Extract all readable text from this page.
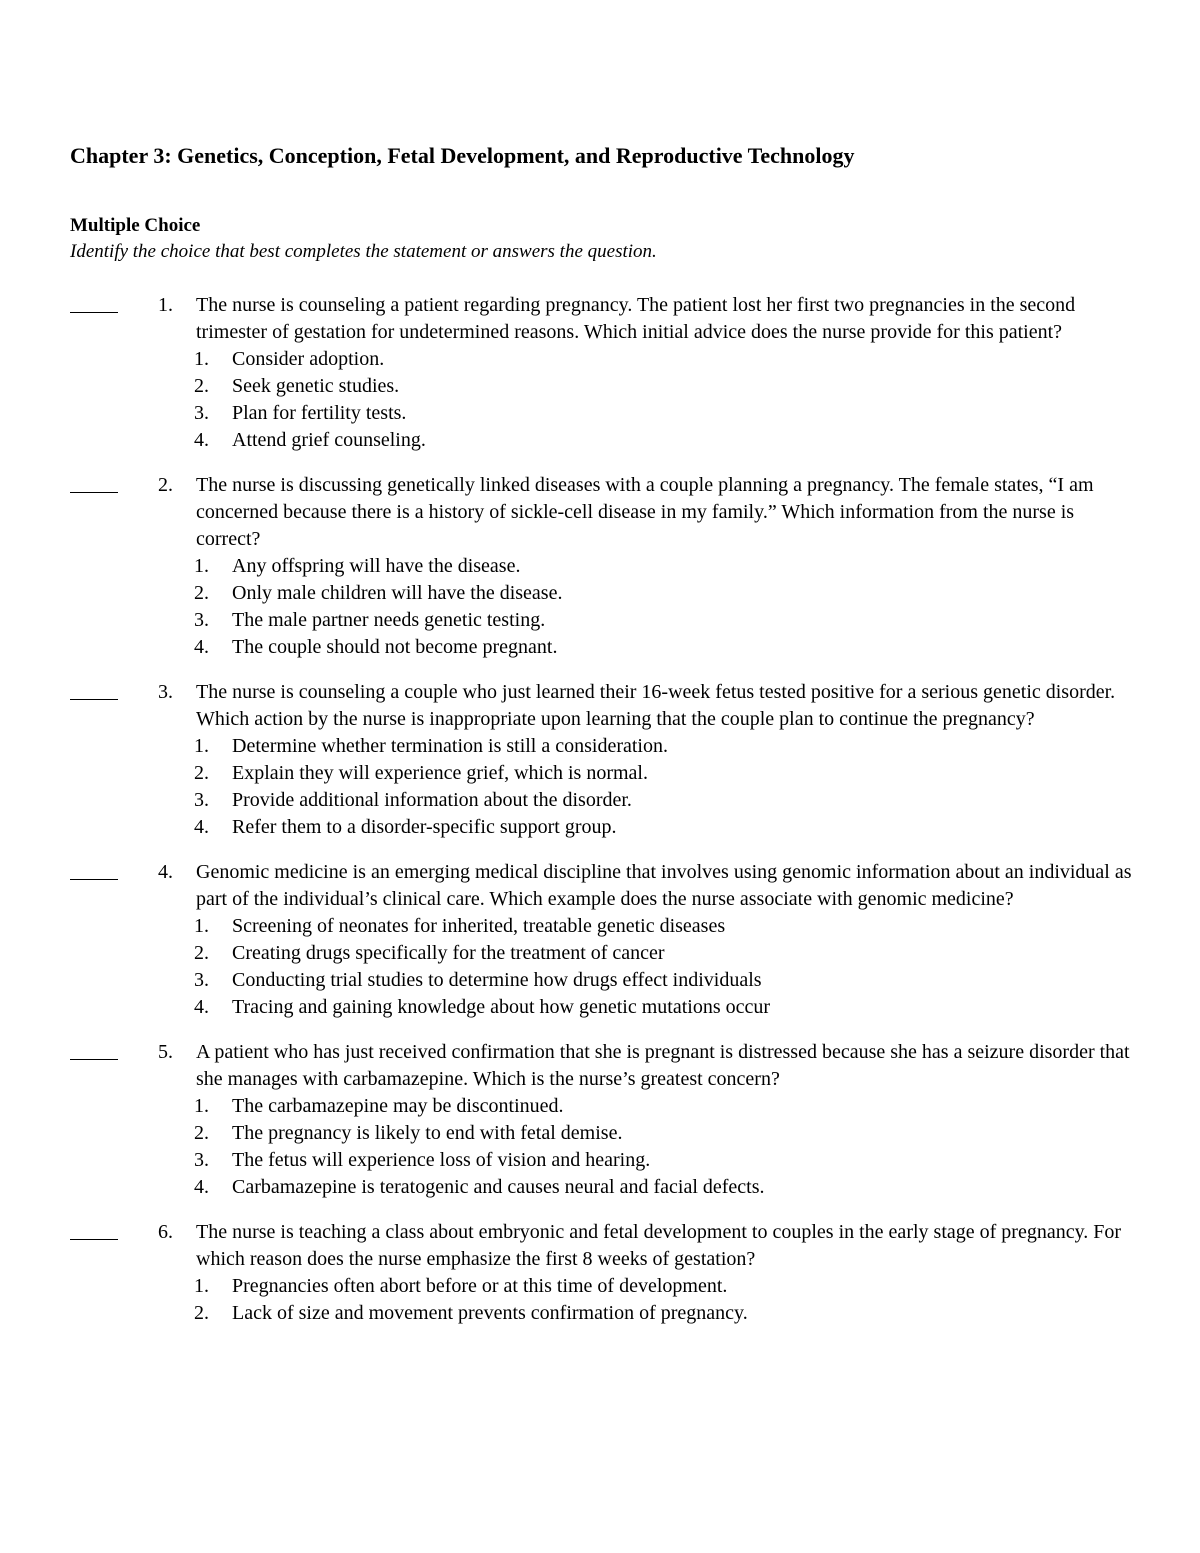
Chapter 3: Genetics, Conception, Fetal Development, and Reproductive Technology
Multiple Choice

Identify the choice that best completes the statement or answers the question.

1. The nurse is counseling a patient regarding pregnancy. The patient lost her first two pregnancies in the second trimester of gestation for undetermined reasons. Which initial advice does the nurse provide for this patient?
1. Consider adoption.
2. Seek genetic studies.
3. Plan for fertility tests.
4. Attend grief counseling.
2. The nurse is discussing genetically linked diseases with a couple planning a pregnancy. The female states, “I am concerned because there is a history of sickle-cell disease in my family.” Which information from the nurse is correct?
1. Any offspring will have the disease.
2. Only male children will have the disease.
3. The male partner needs genetic testing.
4. The couple should not become pregnant.
3. The nurse is counseling a couple who just learned their 16-week fetus tested positive for a serious genetic disorder. Which action by the nurse is inappropriate upon learning that the couple plan to continue the pregnancy?
1. Determine whether termination is still a consideration.
2. Explain they will experience grief, which is normal.
3. Provide additional information about the disorder.
4. Refer them to a disorder-specific support group.
4. Genomic medicine is an emerging medical discipline that involves using genomic information about an individual as part of the individual’s clinical care. Which example does the nurse associate with genomic medicine?
1. Screening of neonates for inherited, treatable genetic diseases
2. Creating drugs specifically for the treatment of cancer
3. Conducting trial studies to determine how drugs effect individuals
4. Tracing and gaining knowledge about how genetic mutations occur
5. A patient who has just received confirmation that she is pregnant is distressed because she has a seizure disorder that she manages with carbamazepine. Which is the nurse’s greatest concern?
1. The carbamazepine may be discontinued.
2. The pregnancy is likely to end with fetal demise.
3. The fetus will experience loss of vision and hearing.
4. Carbamazepine is teratogenic and causes neural and facial defects.
6. The nurse is teaching a class about embryonic and fetal development to couples in the early stage of pregnancy. For which reason does the nurse emphasize the first 8 weeks of gestation?
1. Pregnancies often abort before or at this time of development.
2. Lack of size and movement prevents confirmation of pregnancy.
